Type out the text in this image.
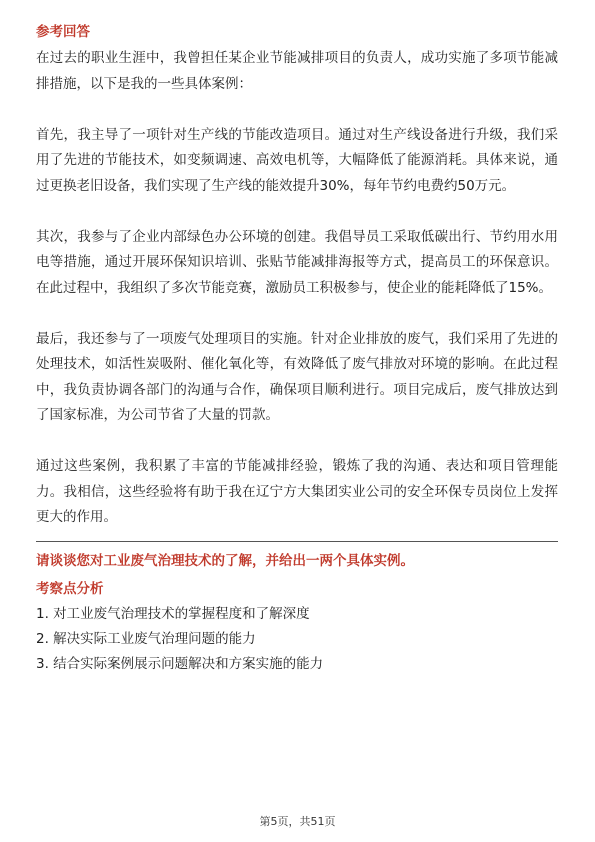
参考回答

在过去的职业生涯中，我曾担任某企业节能减排项目的负责人，成功实施了多项节能减排措施，以下是我的一些具体案例：

首先，我主导了一项针对生产线的节能改造项目。通过对生产线设备进行升级，我们采用了先进的节能技术，如变频调速、高效电机等，大幅降低了能源消耗。具体来说，通过更换老旧设备，我们实现了生产线的能效提升30%，每年节约电费约50万元。

其次，我参与了企业内部绿色办公环境的创建。我倡导员工采取低碳出行、节约用水用电等措施，通过开展环保知识培训、张贴节能减排海报等方式，提高员工的环保意识。在此过程中，我组织了多次节能竞赛，激励员工积极参与，使企业的能耗降低了15%。

最后，我还参与了一项废气处理项目的实施。针对企业排放的废气，我们采用了先进的处理技术，如活性炭吸附、催化氧化等，有效降低了废气排放对环境的影响。在此过程中，我负责协调各部门的沟通与合作，确保项目顺利进行。项目完成后，废气排放达到了国家标准，为公司节省了大量的罚款。

通过这些案例，我积累了丰富的节能减排经验，锻炼了我的沟通、表达和项目管理能力。我相信，这些经验将有助于我在辽宁方大集团实业公司的安全环保专员岗位上发挥更大的作用。

请谈谈您对工业废气治理技术的了解，并给出一两个具体实例。
考察点分析
1. 对工业废气治理技术的掌握程度和了解深度
2. 解决实际工业废气治理问题的能力
3. 结合实际案例展示问题解决和方案实施的能力
第5页，共51页
